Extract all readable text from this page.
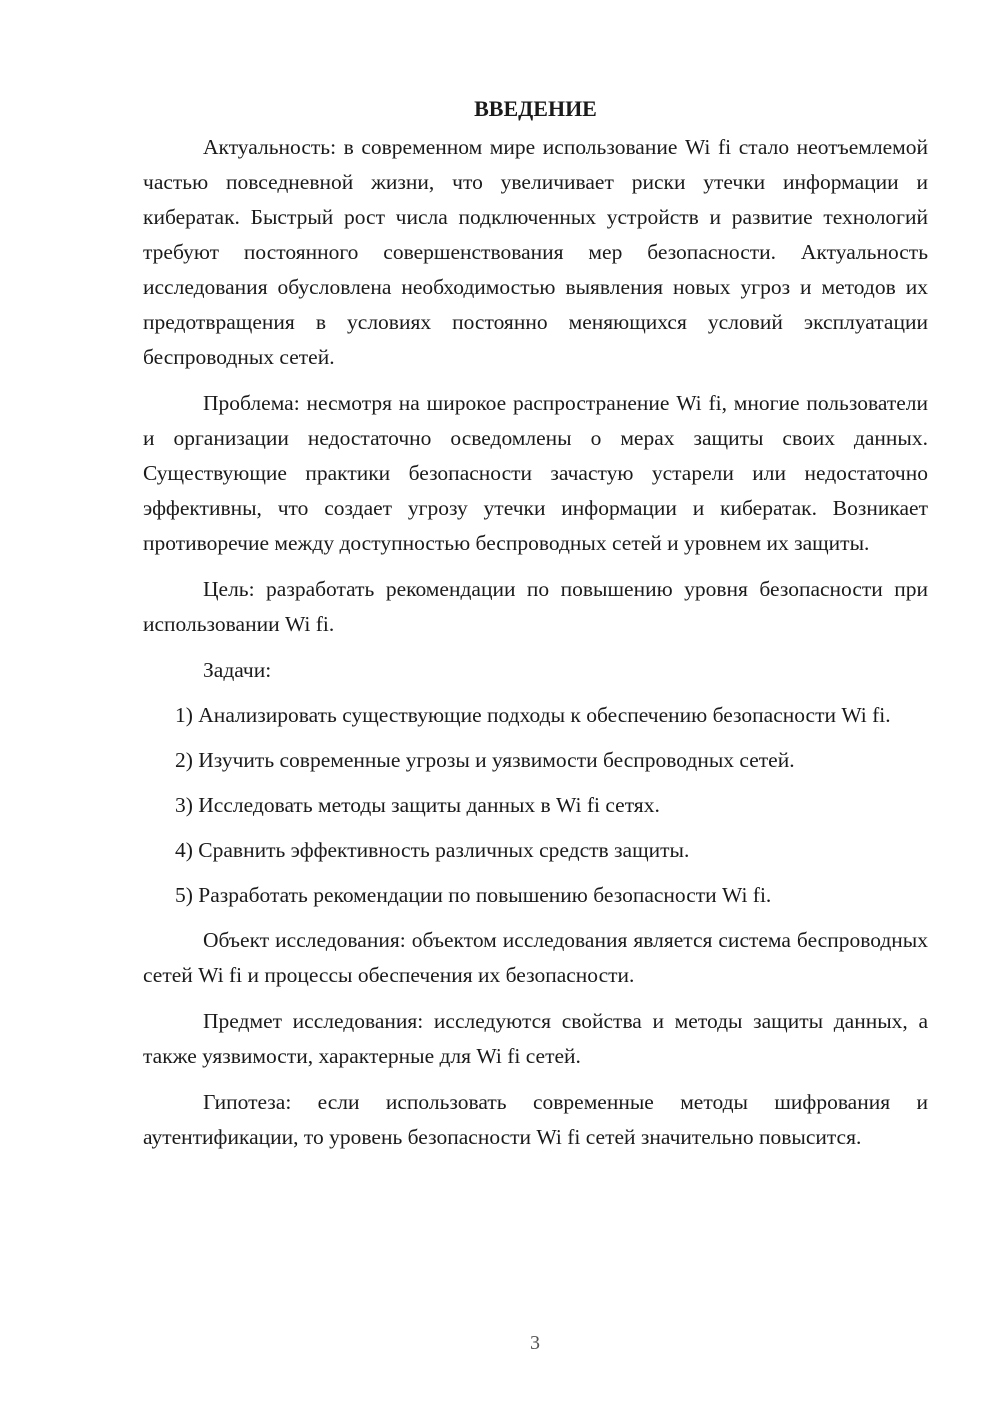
ВВЕДЕНИЕ

Актуальность: в современном мире использование Wi fi стало неотъемлемой частью повседневной жизни, что увеличивает риски утечки информации и кибератак. Быстрый рост числа подключенных устройств и развитие технологий требуют постоянного совершенствования мер безопасности. Актуальность исследования обусловлена необходимостью выявления новых угроз и методов их предотвращения в условиях постоянно меняющихся условий эксплуатации беспроводных сетей.

Проблема: несмотря на широкое распространение Wi fi, многие пользователи и организации недостаточно осведомлены о мерах защиты своих данных. Существующие практики безопасности зачастую устарели или недостаточно эффективны, что создает угрозу утечки информации и кибератак. Возникает противоречие между доступностью беспроводных сетей и уровнем их защиты.

Цель: разработать рекомендации по повышению уровня безопасности при использовании Wi fi.

Задачи:

1) Анализировать существующие подходы к обеспечению безопасности Wi fi.

2) Изучить современные угрозы и уязвимости беспроводных сетей.

3) Исследовать методы защиты данных в Wi fi сетях.

4) Сравнить эффективность различных средств защиты.

5) Разработать рекомендации по повышению безопасности Wi fi.

Объект исследования: объектом исследования является система беспроводных сетей Wi fi и процессы обеспечения их безопасности.

Предмет исследования: исследуются свойства и методы защиты данных, а также уязвимости, характерные для Wi fi сетей.

Гипотеза: если использовать современные методы шифрования и аутентификации, то уровень безопасности Wi fi сетей значительно повысится.

3
